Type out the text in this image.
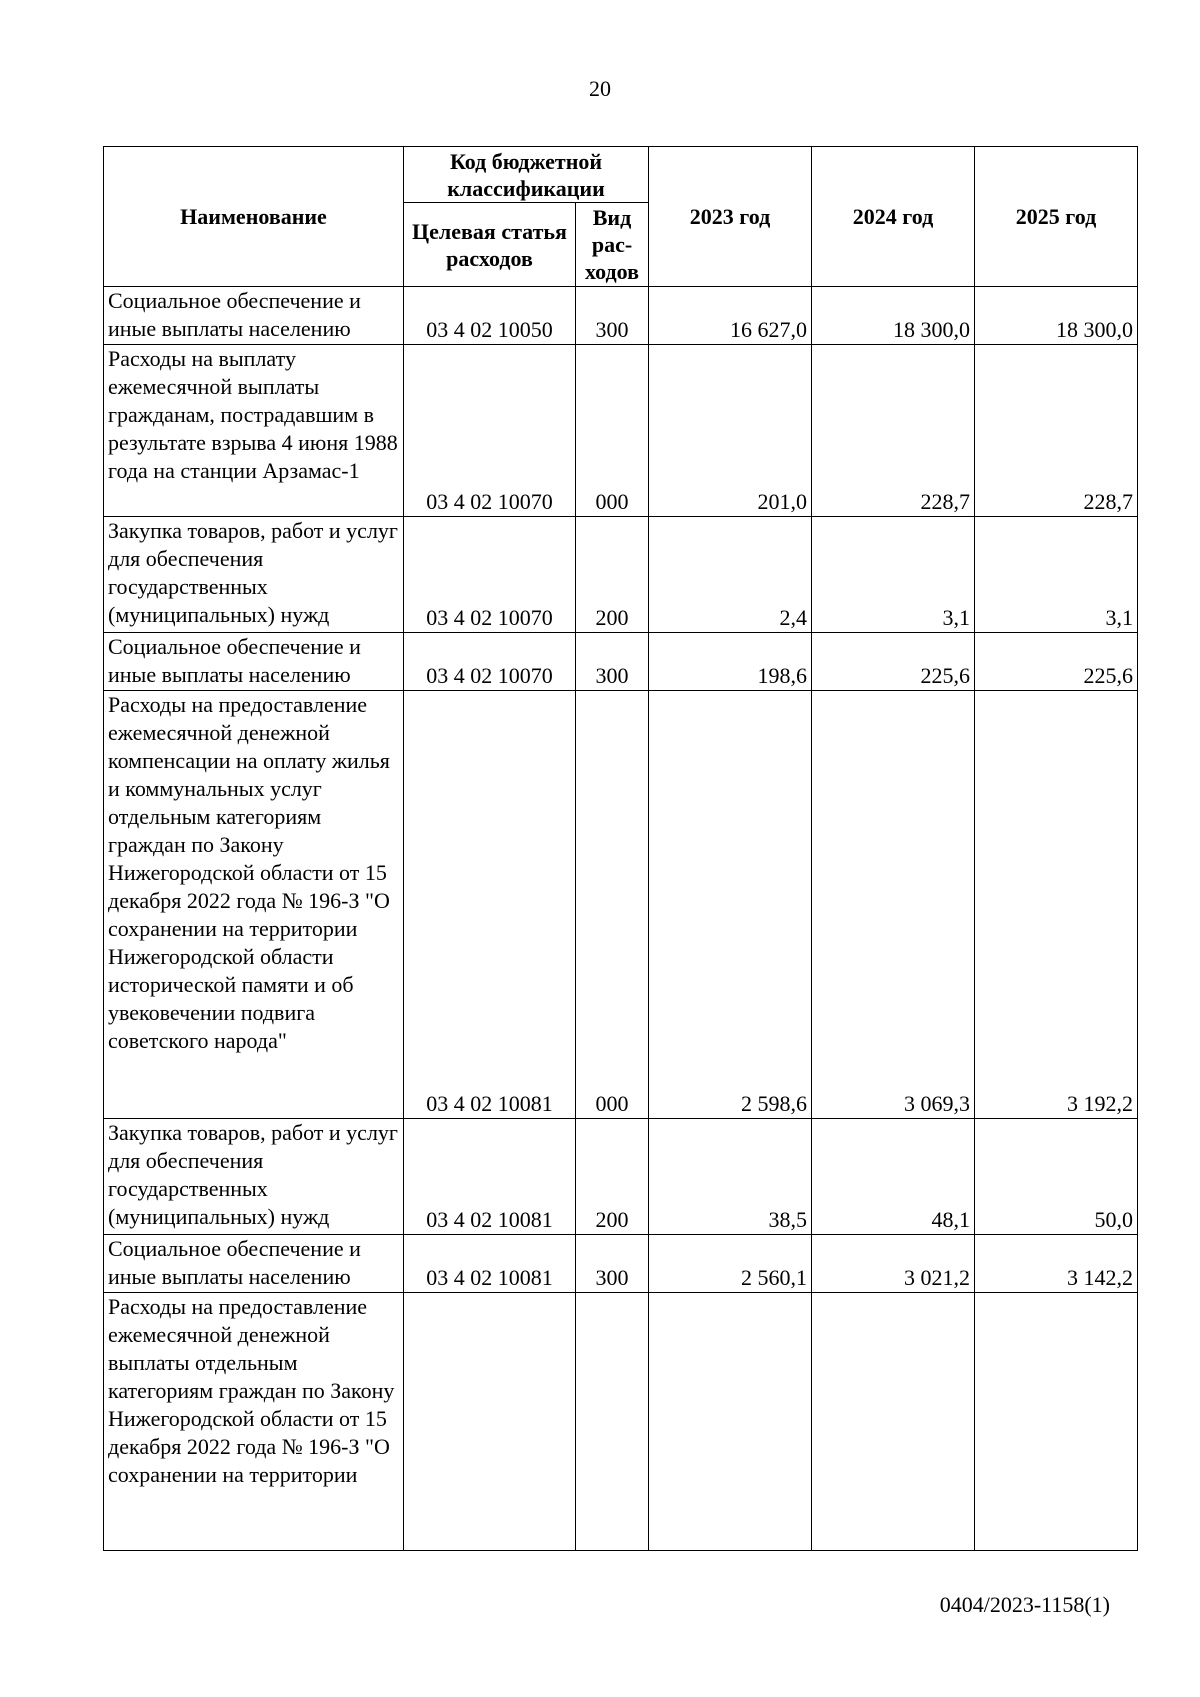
20
Наименование	Код бюджетной классификации		2023 год	2024 год	2025 год
	Целевая статья расходов	Вид рас-ходов			
Социальное обеспечение и иные выплаты населению	03 4 02 10050	300	16 627,0	18 300,0	18 300,0
Расходы на выплату ежемесячной выплаты гражданам, пострадавшим в результате взрыва 4 июня 1988 года на станции Арзамас-1	03 4 02 10070	000	201,0	228,7	228,7
Закупка товаров, работ и услуг для обеспечения государственных (муниципальных) нужд	03 4 02 10070	200	2,4	3,1	3,1
Социальное обеспечение и иные выплаты населению	03 4 02 10070	300	198,6	225,6	225,6
Расходы на предоставление ежемесячной денежной компенсации на оплату жилья и коммунальных услуг отдельным категориям граждан по Закону Нижегородской области от 15 декабря 2022 года № 196-З "О сохранении на территории Нижегородской области исторической памяти и об увековечении подвига советского народа"	03 4 02 10081	000	2 598,6	3 069,3	3 192,2
Закупка товаров, работ и услуг для обеспечения государственных (муниципальных) нужд	03 4 02 10081	200	38,5	48,1	50,0
Социальное обеспечение и иные выплаты населению	03 4 02 10081	300	2 560,1	3 021,2	3 142,2
Расходы на предоставление ежемесячной денежной выплаты отдельным категориям граждан по Закону Нижегородской области от 15 декабря 2022 года № 196-З "О сохранении на территории					
0404/2023-1158(1)
